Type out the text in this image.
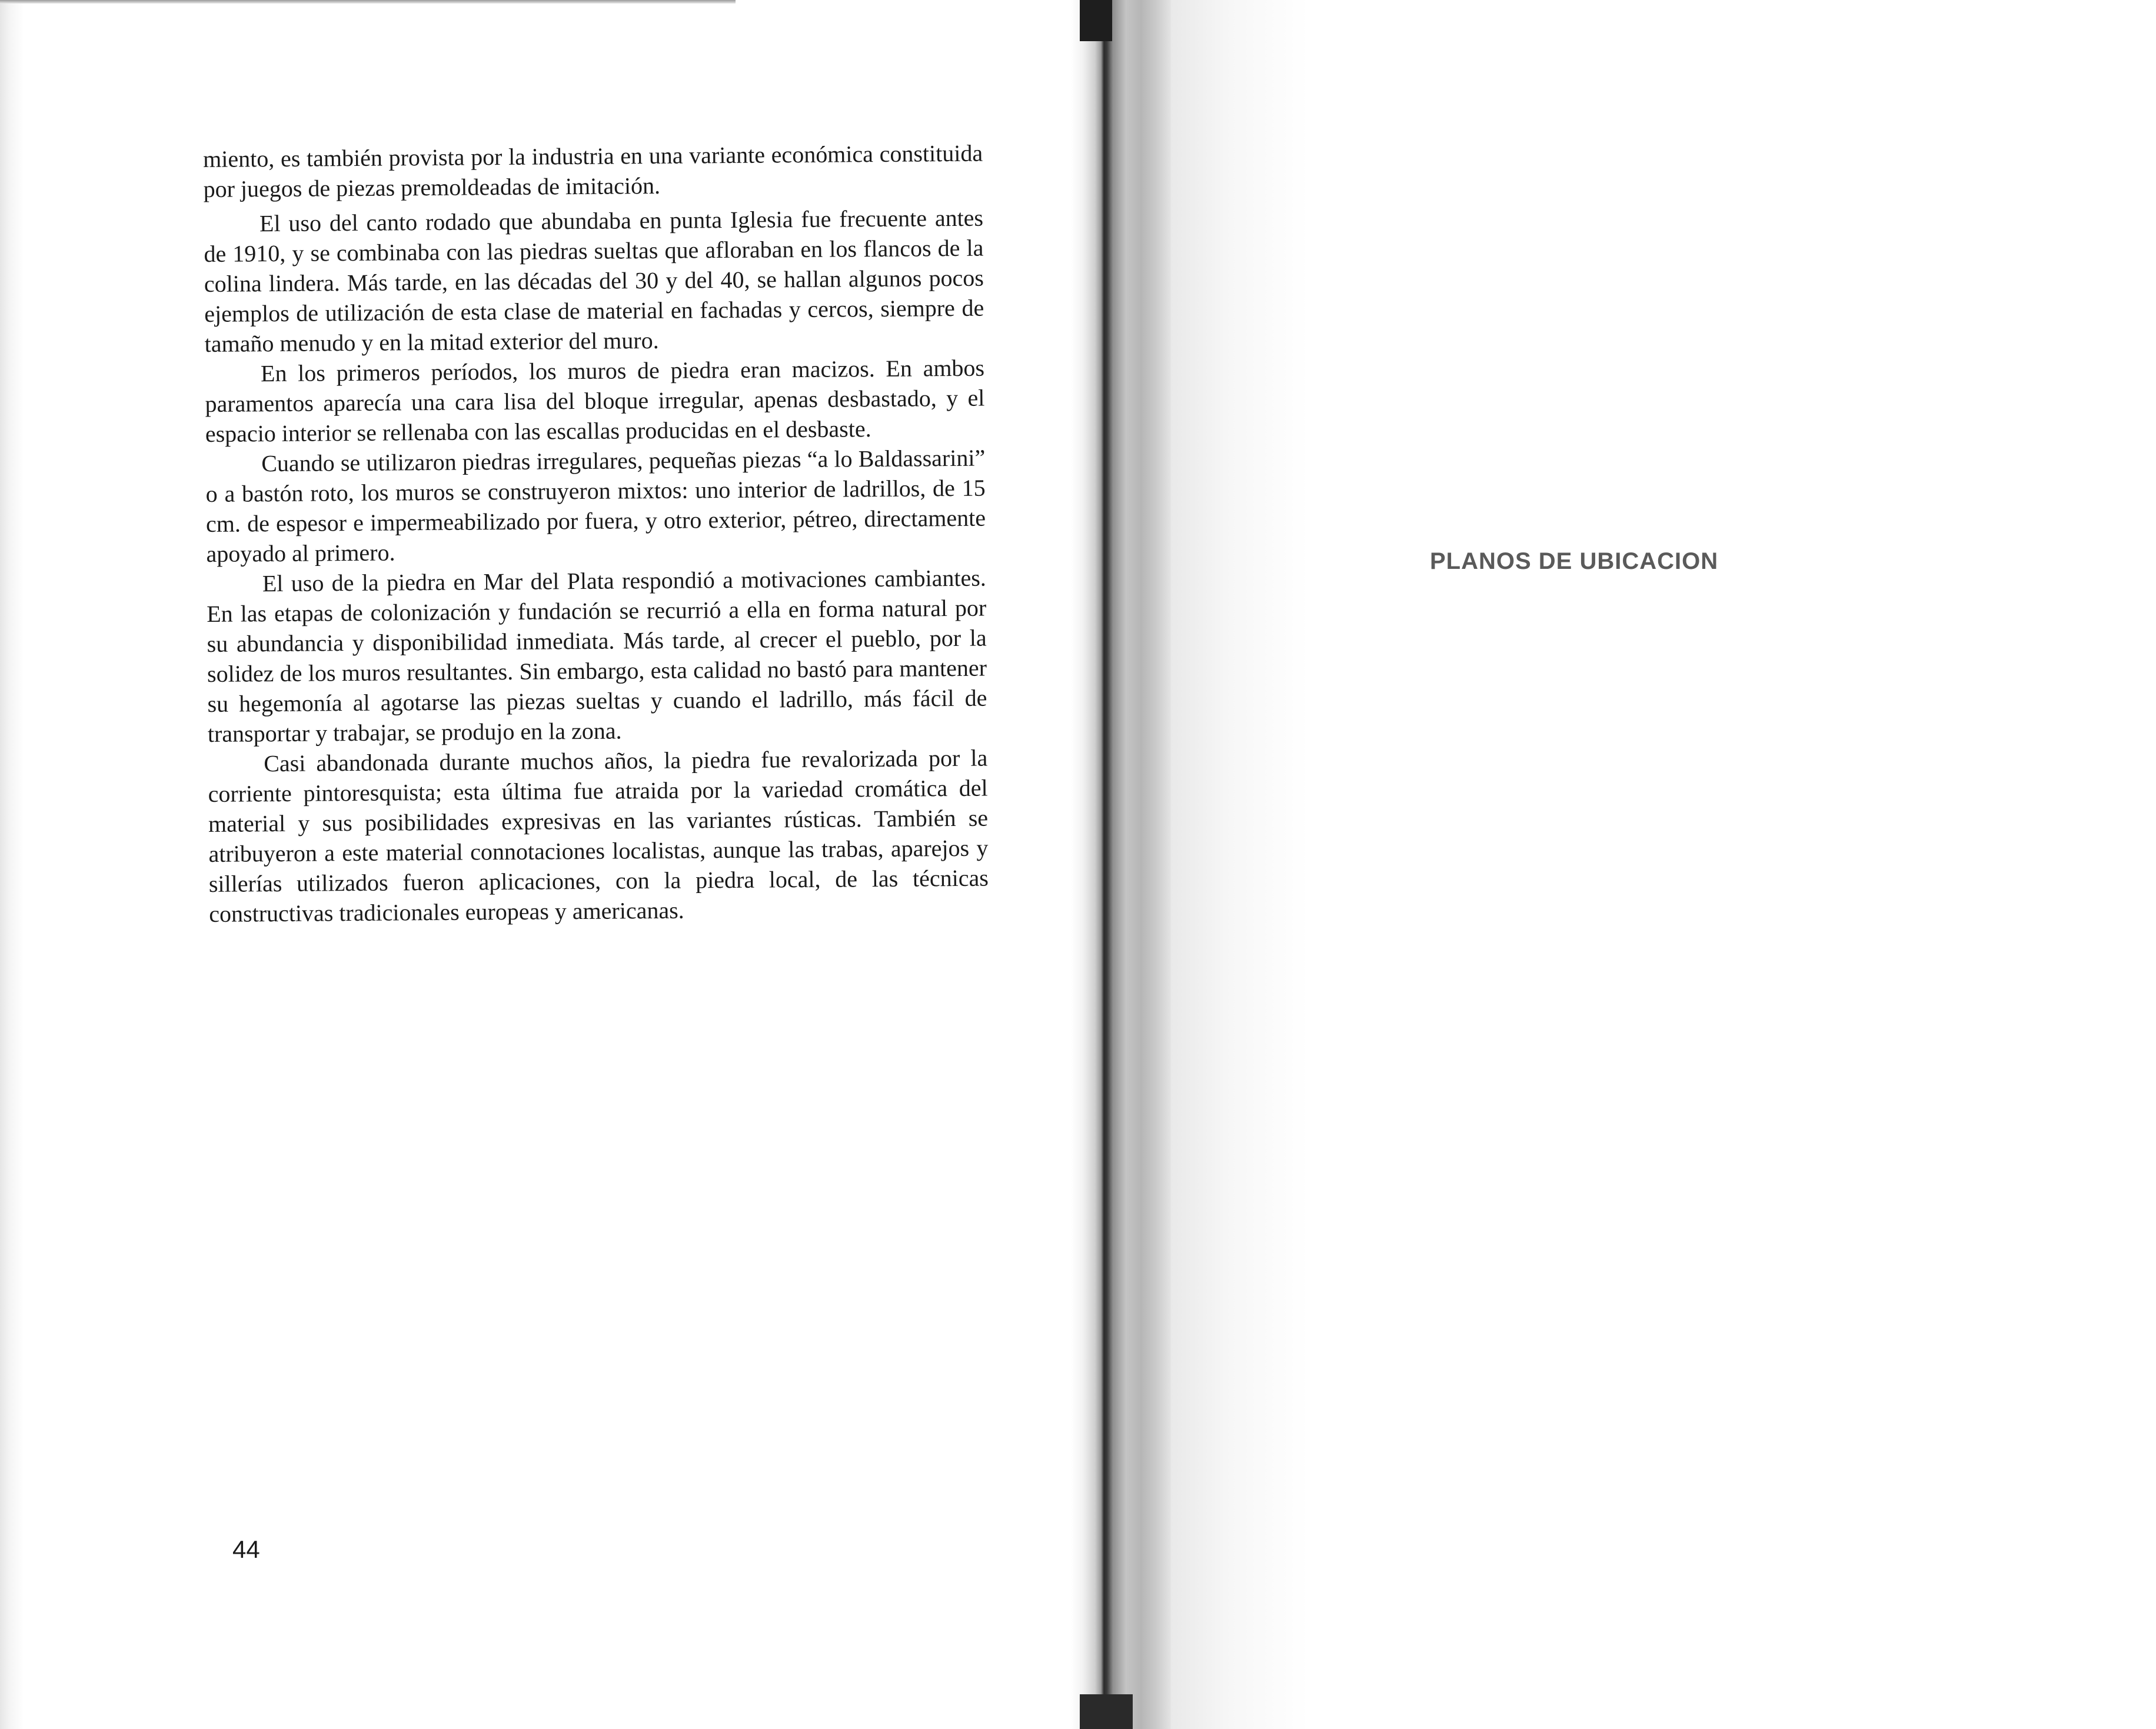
miento, es también provista por la industria en una variante económica constituida por juegos de piezas premoldeadas de imitación.

El uso del canto rodado que abundaba en punta Iglesia fue frecuente antes de 1910, y se combinaba con las piedras sueltas que afloraban en los flancos de la colina lindera. Más tarde, en las décadas del 30 y del 40, se hallan algunos pocos ejemplos de utilización de esta clase de material en fachadas y cercos, siempre de tamaño menudo y en la mitad exterior del muro.

En los primeros períodos, los muros de piedra eran macizos. En ambos paramentos aparecía una cara lisa del bloque irregular, apenas desbastado, y el espacio interior se rellenaba con las escallas producidas en el desbaste.

Cuando se utilizaron piedras irregulares, pequeñas piezas “a lo Baldassarini” o a bastón roto, los muros se construyeron mixtos: uno interior de ladrillos, de 15 cm. de espesor e impermeabilizado por fuera, y otro exterior, pétreo, directamente apoyado al primero.

El uso de la piedra en Mar del Plata respondió a motivaciones cambiantes. En las etapas de colonización y fundación se recurrió a ella en forma natural por su abundancia y disponibilidad inmediata. Más tarde, al crecer el pueblo, por la solidez de los muros resultantes. Sin embargo, esta calidad no bastó para mantener su hegemonía al agotarse las piezas sueltas y cuando el ladrillo, más fácil de transportar y trabajar, se produjo en la zona.

Casi abandonada durante muchos años, la piedra fue revalorizada por la corriente pintoresquista; esta última fue atraida por la variedad cromática del material y sus posibilidades expresivas en las variantes rústicas. También se atribuyeron a este material connotaciones localistas, aunque las trabas, aparejos y sillerías utilizados fueron aplicaciones, con la piedra local, de las técnicas constructivas tradicionales europeas y americanas.

44
PLANOS DE UBICACION
